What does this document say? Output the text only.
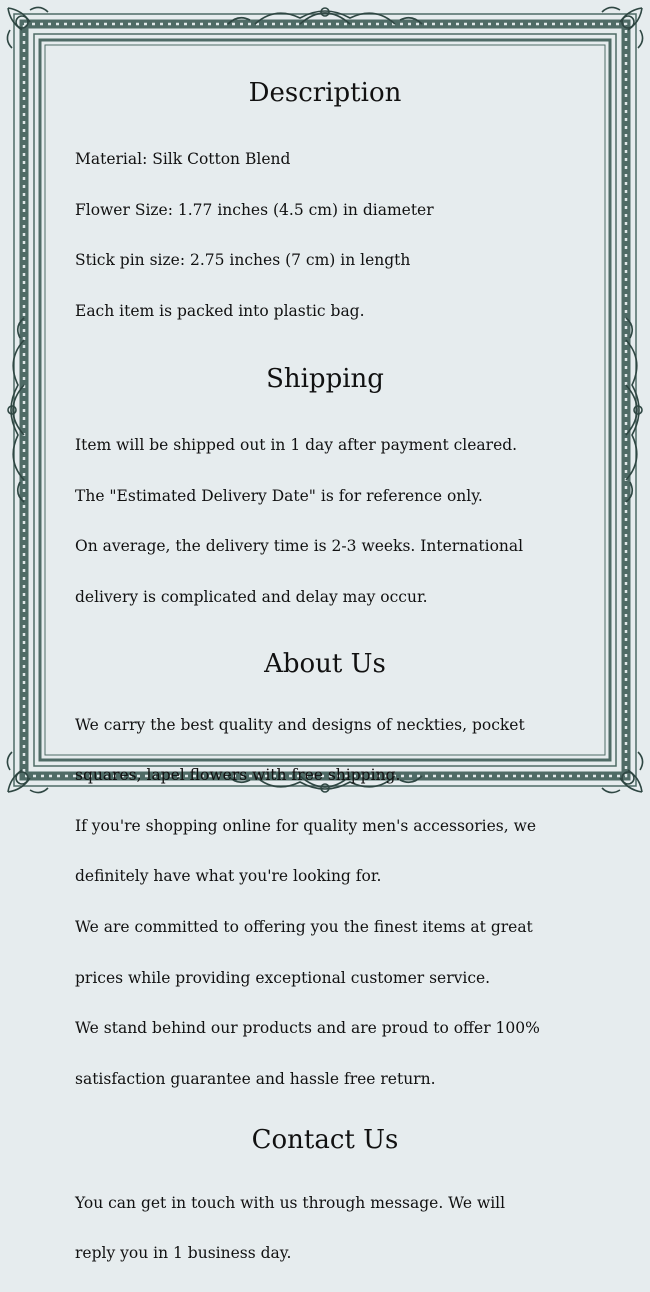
Description

Material: Silk Cotton Blend

Flower Size: 1.77 inches (4.5 cm) in diameter

Stick pin size: 2.75 inches (7 cm) in length

Each item is packed into plastic bag.

Shipping

Item will be shipped out in 1 day after payment cleared.

The "Estimated Delivery Date" is for reference only.

On average, the delivery time is 2-3 weeks. International

delivery is complicated and delay may occur.

About Us

We carry the best quality and designs of neckties, pocket

squares, lapel flowers with free shipping.

If you're shopping online for quality men's accessories, we

definitely have what you're looking for.

We are committed to offering you the finest items at great

prices while providing exceptional customer service.

We stand behind our products and are proud to offer 100%

satisfaction guarantee and hassle free return.

Contact Us

You can get in touch with us through message. We will

reply you in 1 business day.
